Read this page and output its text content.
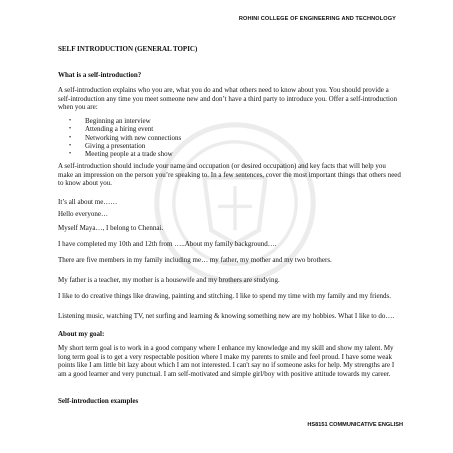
ROHINI COLLEGE OF ENGINEERING AND TECHNOLOGY
SELF INTRODUCTION (GENERAL TOPIC)
What is a self-introduction?
A self-introduction explains who you are, what you do and what others need to know about you. You should provide a self-introduction any time you meet someone new and don’t have a third party to introduce you. Offer a self-introduction when you are:
•	Beginning an interview
•	Attending a hiring event
•	Networking with new connections
•	Giving a presentation
•	Meeting people at a trade show
A self-introduction should include your name and occupation (or desired occupation) and key facts that will help you make an impression on the person you’re speaking to. In a few sentences, cover the most important things that others need to know about you.
It’s all about me……
Hello everyone…
Myself Maya…, I belong to Chennai.
I have completed my 10th and 12th from …..About my family background….
There are five members in my family including me… my father, my mother and my two brothers.
My father is a teacher, my mother is a housewife and my brothers are studying.
I like to do creative things like drawing, painting and stitching. I like to spend my time with my family and my friends.
Listening music, watching TV, net surfing and learning & knowing something new are my hobbies. What I like to do….
About my goal:
My short term goal is to work in a good company where I enhance my knowledge and my skill and show my talent. My long term goal is to get a very respectable position where I make my parents to smile and feel proud. I have some weak points like I am little bit lazy about which I am not interested. I can't say no if someone asks for help. My strengths are I am a good learner and very punctual. I am self-motivated and simple girl/boy with positive attitude towards my career.
Self-introduction examples
HS8151 COMMUNICATIVE ENGLISH
